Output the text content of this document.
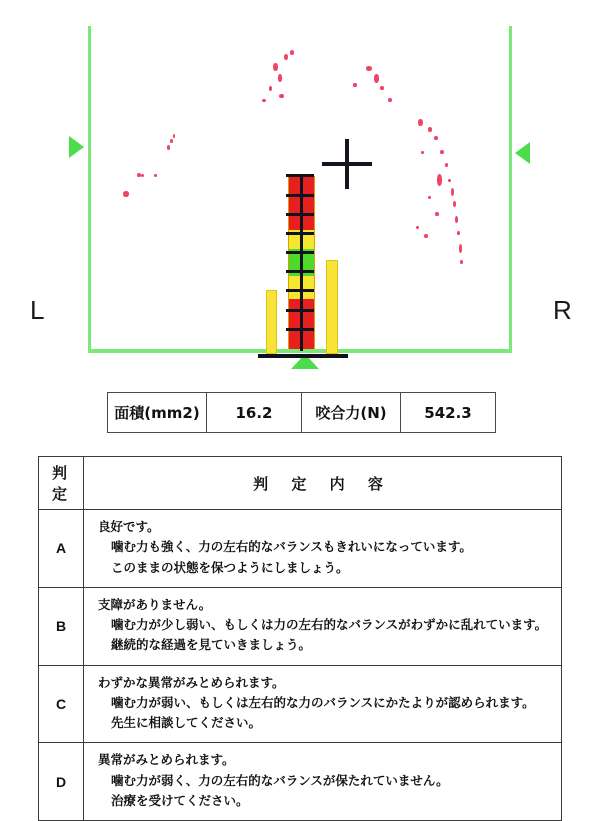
L	R
面積(mm2)	16.2	咬合力(N)	542.3
判 定	判 定 内 容
A	良好です。
噛む力も強く、力の左右的なバランスもきれいになっています。
このままの状態を保つようにしましょう。

B	支障がありません。
噛む力が少し弱い、もしくは力の左右的なバランスがわずかに乱れています。
継続的な経過を見ていきましょう。

C	わずかな異常がみとめられます。
噛む力が弱い、もしくは左右的な力のバランスにかたよりが認められます。
先生に相談してください。

D	異常がみとめられます。
噛む力が弱く、力の左右的なバランスが保たれていません。
治療を受けてください。
